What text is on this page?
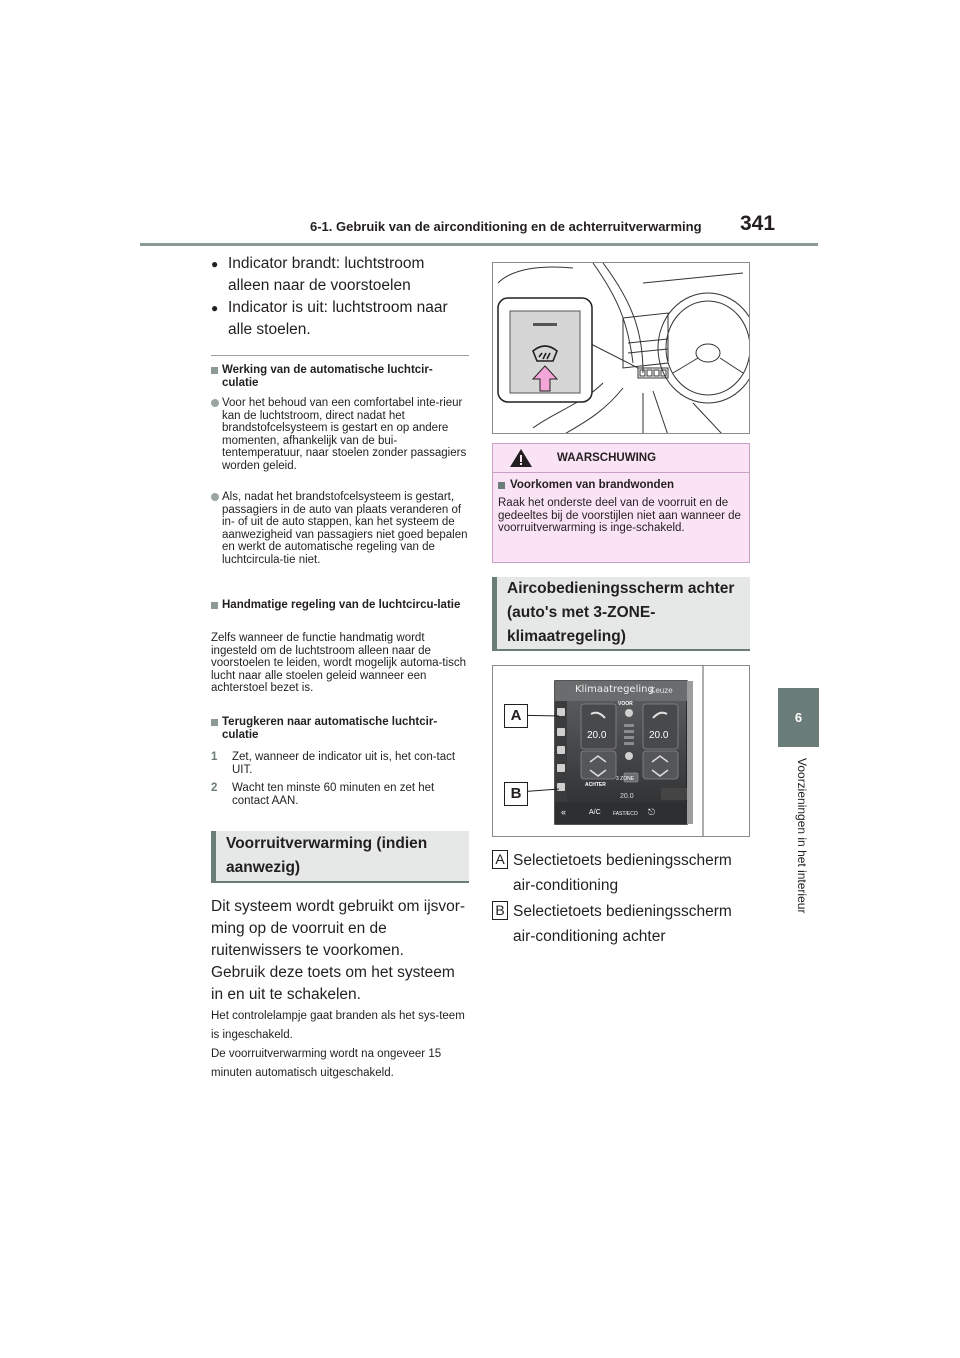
6-1. Gebruik van de airconditioning en de achterruitverwarming 341
6
Voorzieningen in het interieur
● Indicator brandt: luchtstroom alleen naar de voorstoelen
● Indicator is uit: luchtstroom naar alle stoelen.
Werking van de automatische luchtcir-culatie
Voor het behoud van een comfortabel inte-rieur kan de luchtstroom, direct nadat het brandstofcelsysteem is gestart en op andere momenten, afhankelijk van de bui-tentemperatuur, naar stoelen zonder passagiers worden geleid.
Als, nadat het brandstofcelsysteem is gestart, passagiers in de auto van plaats veranderen of in- of uit de auto stappen, kan het systeem de aanwezigheid van passagiers niet goed bepalen en werkt de automatische regeling van de luchtcircula-tie niet.
Handmatige regeling van de luchtcircu-latie
Zelfs wanneer de functie handmatig wordt ingesteld om de luchtstroom alleen naar de voorstoelen te leiden, wordt mogelijk automa-tisch lucht naar alle stoelen geleid wanneer een achterstoel bezet is.
Terugkeren naar automatische luchtcir-culatie
1 Zet, wanneer de indicator uit is, het con-tact UIT.
2 Wacht ten minste 60 minuten en zet het contact AAN.
Voorruitverwarming (indien aanwezig)
Dit systeem wordt gebruikt om ijsvor-ming op de voorruit en de ruitenwissers te voorkomen.
Gebruik deze toets om het systeem in en uit te schakelen.
Het controlelampje gaat branden als het sys-teem is ingeschakeld.
De voorruitverwarming wordt na ongeveer 15 minuten automatisch uitgeschakeld.
WAARSCHUWING
Voorkomen van brandwonden
Raak het onderste deel van de voorruit en de gedeeltes bij de voorstijlen niet aan wanneer de voorruitverwarming is inge-schakeld.
Aircobedieningsscherm achter (auto's met 3-ZONE-klimaatregeling)
Klimaatregeling
Keuze
VOOR
20.0	20.0
ACHTER
3 ZONE
20.0
«	A/C FAST/ECO ⎋
A
B
A Selectietoets bedieningsscherm air-conditioning
B Selectietoets bedieningsscherm air-conditioning achter
